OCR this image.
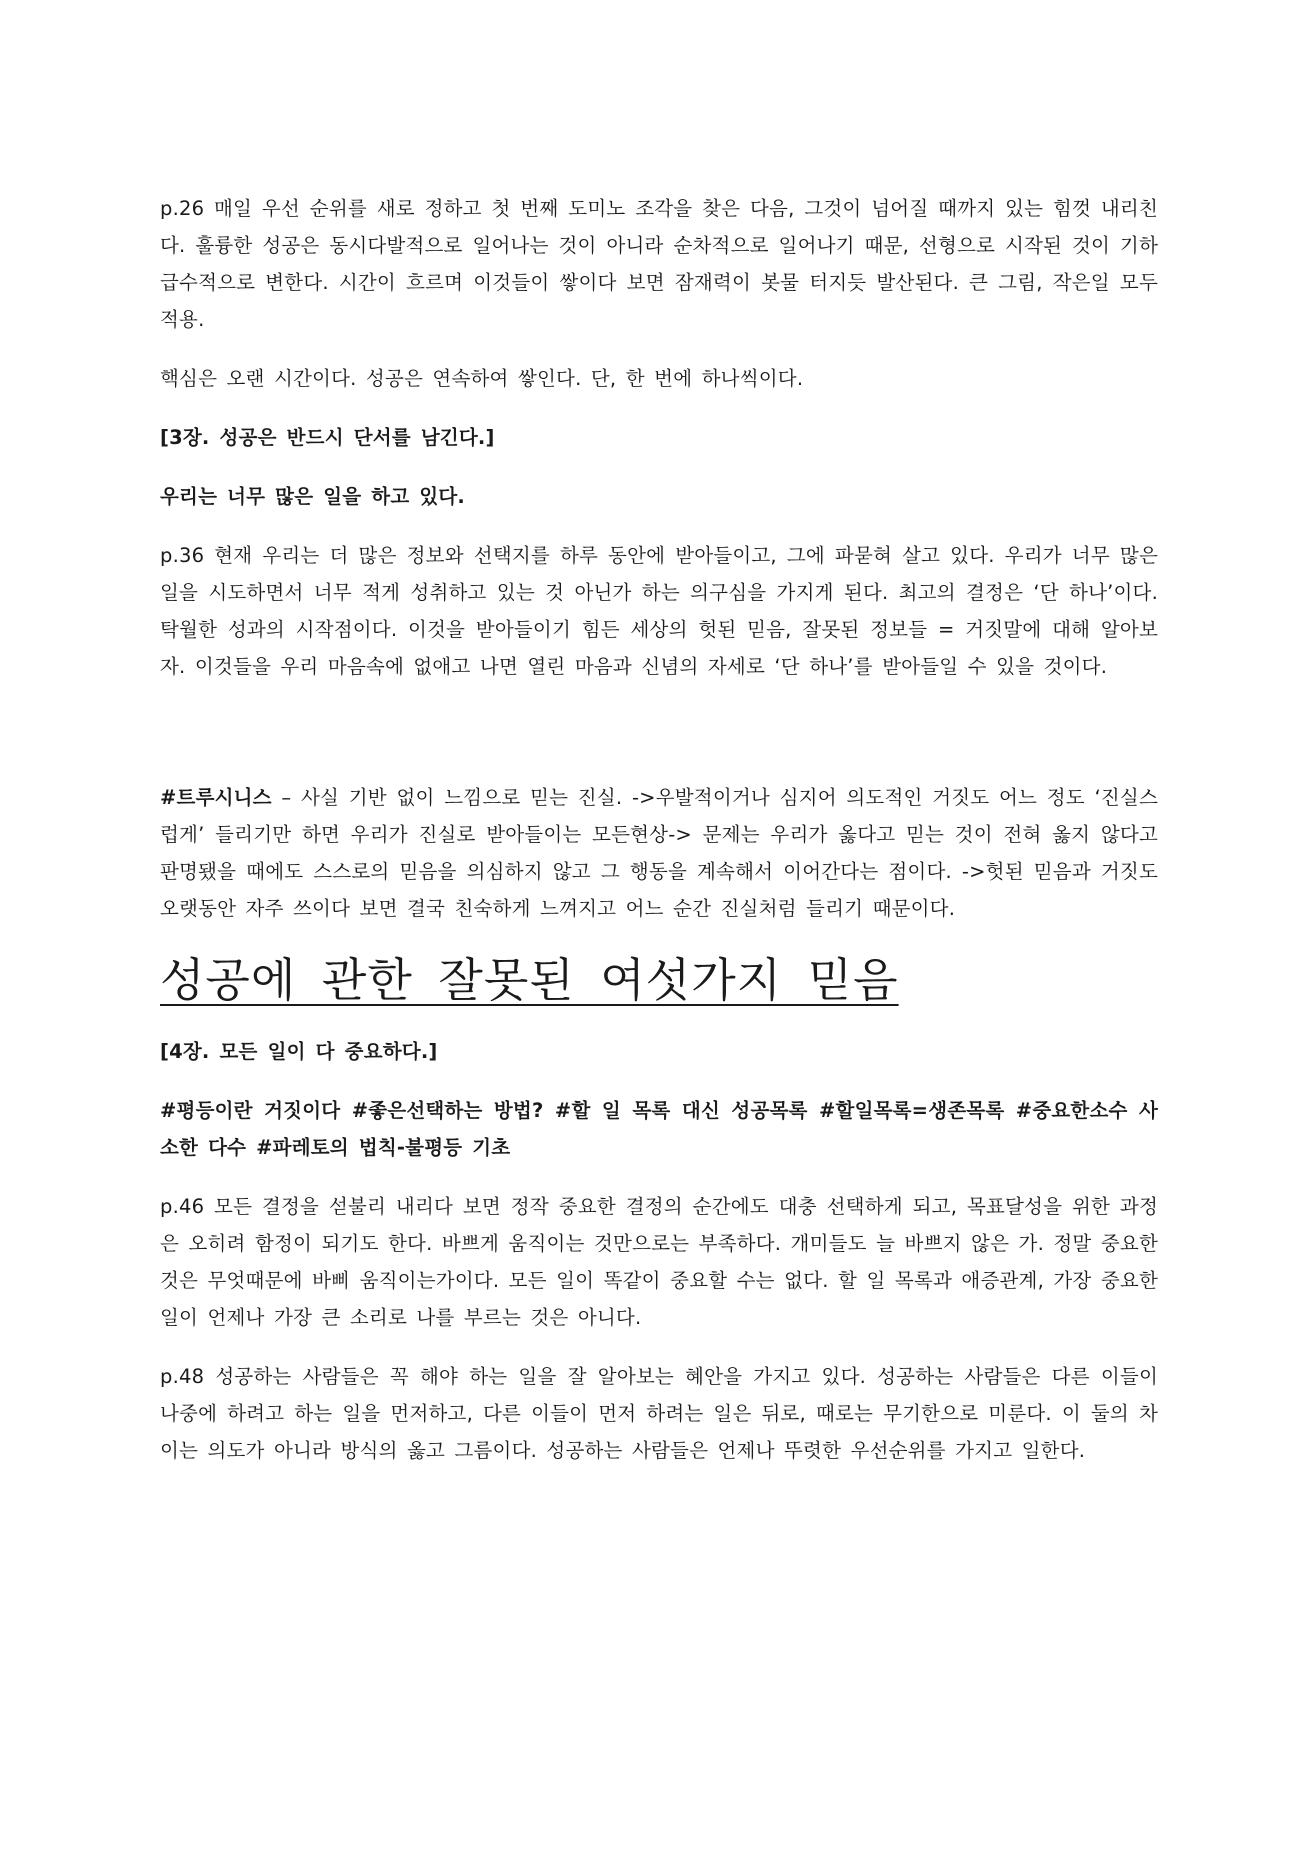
p.26 매일 우선 순위를 새로 정하고 첫 번째 도미노 조각을 찾은 다음, 그것이 넘어질 때까지 있는 힘껏 내리친다. 훌륭한 성공은 동시다발적으로 일어나는 것이 아니라 순차적으로 일어나기 때문, 선형으로 시작된 것이 기하급수적으로 변한다. 시간이 흐르며 이것들이 쌓이다 보면 잠재력이 봇물 터지듯 발산된다. 큰 그림, 작은일 모두 적용.

핵심은 오랜 시간이다. 성공은 연속하여 쌓인다. 단, 한 번에 하나씩이다.

[3장. 성공은 반드시 단서를 남긴다.]

우리는 너무 많은 일을 하고 있다.

p.36 현재 우리는 더 많은 정보와 선택지를 하루 동안에 받아들이고, 그에 파묻혀 살고 있다. 우리가 너무 많은 일을 시도하면서 너무 적게 성취하고 있는 것 아닌가 하는 의구심을 가지게 된다. 최고의 결정은 ‘단 하나’이다. 탁월한 성과의 시작점이다. 이것을 받아들이기 힘든 세상의 헛된 믿음, 잘못된 정보들 = 거짓말에 대해 알아보자. 이것들을 우리 마음속에 없애고 나면 열린 마음과 신념의 자세로 ‘단 하나’를 받아들일 수 있을 것이다.

#트루시니스 – 사실 기반 없이 느낌으로 믿는 진실. ->우발적이거나 심지어 의도적인 거짓도 어느 정도 ‘진실스럽게’ 들리기만 하면 우리가 진실로 받아들이는 모든현상-> 문제는 우리가 옳다고 믿는 것이 전혀 옳지 않다고 판명됐을 때에도 스스로의 믿음을 의심하지 않고 그 행동을 계속해서 이어간다는 점이다. ->헛된 믿음과 거짓도 오랫동안 자주 쓰이다 보면 결국 친숙하게 느껴지고 어느 순간 진실처럼 들리기 때문이다.

성공에 관한 잘못된 여섯가지 믿음

[4장. 모든 일이 다 중요하다.]

#평등이란 거짓이다 #좋은선택하는 방법? #할 일 목록 대신 성공목록 #할일목록=생존목록 #중요한소수 사소한 다수 #파레토의 법칙-불평등 기초

p.46 모든 결정을 섣불리 내리다 보면 정작 중요한 결정의 순간에도 대충 선택하게 되고, 목표달성을 위한 과정은 오히려 함정이 되기도 한다. 바쁘게 움직이는 것만으로는 부족하다. 개미들도 늘 바쁘지 않은 가. 정말 중요한 것은 무엇때문에 바삐 움직이는가이다. 모든 일이 똑같이 중요할 수는 없다. 할 일 목록과 애증관계, 가장 중요한 일이 언제나 가장 큰 소리로 나를 부르는 것은 아니다.

p.48 성공하는 사람들은 꼭 해야 하는 일을 잘 알아보는 혜안을 가지고 있다. 성공하는 사람들은 다른 이들이 나중에 하려고 하는 일을 먼저하고, 다른 이들이 먼저 하려는 일은 뒤로, 때로는 무기한으로 미룬다. 이 둘의 차이는 의도가 아니라 방식의 옳고 그름이다. 성공하는 사람들은 언제나 뚜렷한 우선순위를 가지고 일한다.
